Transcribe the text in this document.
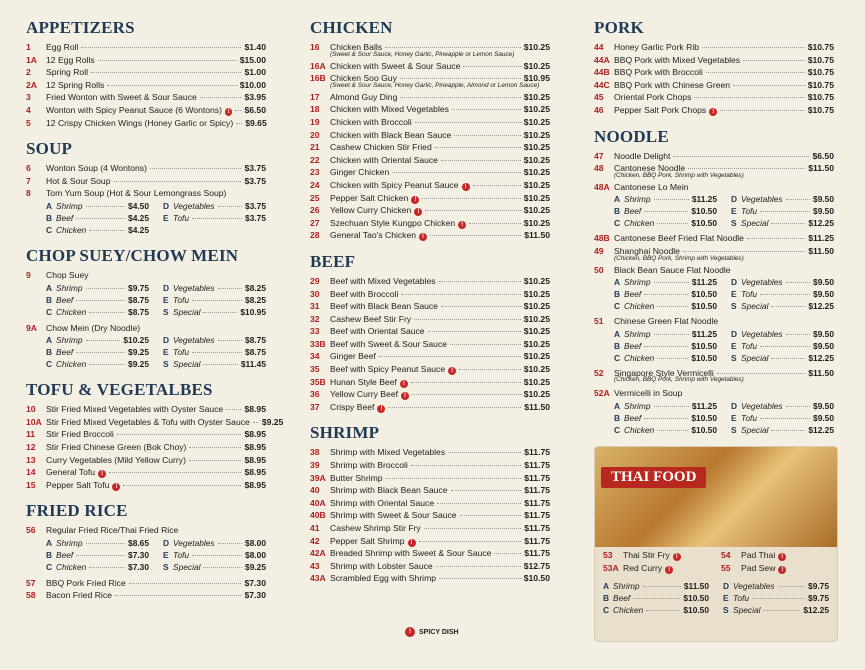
APPETIZERS
1	Egg Roll	$1.40
1A	12 Egg Rolls	$15.00
2	Spring Roll	$1.00
2A	12 Spring Rolls	$10.00
3	Fried Wonton with Sweet & Sour Sauce	$3.95
4	Wonton with Spicy Peanut Sauce (6 Wontons) !	$6.50
5	12 Crispy Chicken Wings (Honey Garlic or Spicy) $9.65
SOUP
6	Wonton Soup (4 Wontons)	$3.75
7	Hot & Sour Soup	$3.75
8	Tom Yum Soup (Hot & Sour Lemongrass Soup)
A Shrimp	$4.50 D Vegetables	$3.75
B Beef	$4.25 E Tofu	$3.75
C Chicken	$4.25
CHOP SUEY/CHOW MEIN
9	Chop Suey
A Shrimp	$9.75 D Vegetables	$8.25
B Beef	$8.75 E Tofu	$8.25
C Chicken	$8.75 S Special	$10.95
9A	Chow Mein (Dry Noodle)
A Shrimp	$10.25 D Vegetables	$8.75
B Beef	$9.25 E Tofu	$8.75
C Chicken	$9.25 S Special	$11.45
TOFU & VEGETALBES
10	Stir Fried Mixed Vegetables with Oyster Sauce $8.95
10A Stir Fried Mixed Vegetables & Tofu with Oyster Sauce $9.25
11	Stir Fried Broccoli	$8.95
12	Stir Fried Chinese Green (Bok Choy)	$8.95
13	Curry Vegetables (Mild Yellow Curry)	$8.95
14	General Tofu	!	$8.95
15	Pepper Salt Tofu	!	$8.95
FRIED RICE
56	Regular Fried Rice/Thai Fried Rice
A Shrimp	$8.65 D Vegetables	$8.00
B Beef	$7.30 E Tofu	$8.00
C Chicken	$7.30 S Special	$9.25
57	BBQ Pork Fried Rice	$7.30
58	Bacon Fried Rice	$7.30
CHICKEN
16	Chicken Balls	$10.25
(Sweet & Sour Sauce, Honey Garlic, Pineapple or Lemon Sauce)
16A Chicken with Sweet & Sour Sauce	$10.25
16B Chicken Soo Guy	$10.95
(Sweet & Sour Sauce, Honey Garlic, Pineapple, Almond or Lemon Sauce)
17	Almond Guy Ding	$10.25
18	Chicken with Mixed Vegetables	$10.25
19	Chicken with Broccoli	$10.25
20	Chicken with Black Bean Sauce	$10.25
21	Cashew Chicken Stir Fried	$10.25
22	Chicken with Oriental Sauce	$10.25
23	Ginger Chicken	$10.25
24	Chicken with Spicy Peanut Sauce	!	$10.25
25	Pepper Salt Chicken	!	$10.25
26	Yellow Curry Chicken	!	$10.25
27	Szechuan Style Kungpo Chicken	!	$10.25
28	General Tao's Chicken	!	$11.50
BEEF
29	Beef with Mixed Vegetables	$10.25
30	Beef with Broccoli	$10.25
31	Beef with Black Bean Sauce	$10.25
32	Cashew Beef Stir Fry	$10.25
33	Beef with Oriental Sauce	$10.25
33B Beef with Sweet & Sour Sauce	$10.25
34	Ginger Beef	$10.25
35	Beef with Spicy Peanut Sauce	!	$10.25
35B Hunan Style Beef	!	$10.25
36	Yellow Curry Beef	!	$10.25
37	Crispy Beef	!	$11.50
SHRIMP
38	Shrimp with Mixed Vegetables	$11.75
39	Shrimp with Broccoli	$11.75
39A Butter Shrimp	$11.75
40	Shrimp with Black Bean Sauce	$11.75
40A Shrimp with Oriental Sauce	$11.75
40B Shrimp with Sweet & Sour Sauce	$11.75
41	Cashew Shrimp Stir Fry	$11.75
42	Pepper Salt Shrimp	!	$11.75
42A Breaded Shrimp with Sweet & Sour Sauce	$11.75
43	Shrimp with Lobster Sauce	$12.75
43A Scrambled Egg with Shrimp	$10.50
PORK
44	Honey Garlic Pork Rib	$10.75
44A BBQ Pork with Mixed Vegetables	$10.75
44B BBQ Pork with Broccoli	$10.75
44C BBQ Pork with Chinese Green	$10.75
45	Oriental Pork Chops	$10.75
46	Pepper Salt Pork Chops	!	$10.75
NOODLE
47	Noodle Delight	$6.50
48	Cantonese Noodle	$11.50
(Chicken, BBQ Pork, Shrimp with Vegetables)
48A Cantonese Lo Mein
A Shrimp	$11.25 D Vegetables	$9.50
B Beef	$10.50 E Tofu	$9.50
C Chicken	$10.50 S Special	$12.25
48B Cantonese Beef Fried Flat Noodle	$11.25
49	Shanghai Noodle	$11.50
(Chicken, BBQ Pork, Shrimp with Vegetables)
50	Black Bean Sauce Flat Noodle
A Shrimp	$11.25 D Vegetables	$9.50
B Beef	$10.50 E Tofu	$9.50
C Chicken	$10.50 S Special	$12.25
51	Chinese Green Flat Noodle
A Shrimp	$11.25 D Vegetables	$9.50
B Beef	$10.50 E Tofu	$9.50
C Chicken	$10.50 S Special	$12.25
52	Singapore Style Vermicelli	$11.50
(Chicken, BBQ Pork, Shrimp with Vegetables)
52A Vermicelli in Soup
A Shrimp	$11.25 D Vegetables	$9.50
B Beef	$10.50 E Tofu	$9.50
C Chicken	$10.50 S Special	$12.25
THAI FOOD
53	Thai Stir Fry	!	54	Pad Thai	!
53A Red Curry	!	55	Pad Sew	!
A Shrimp	$11.50 D Vegetables	$9.75
B Beef	$10.50 E Tofu	$9.75
C Chicken	$10.50 S Special	$12.25
!	SPICY DISH
